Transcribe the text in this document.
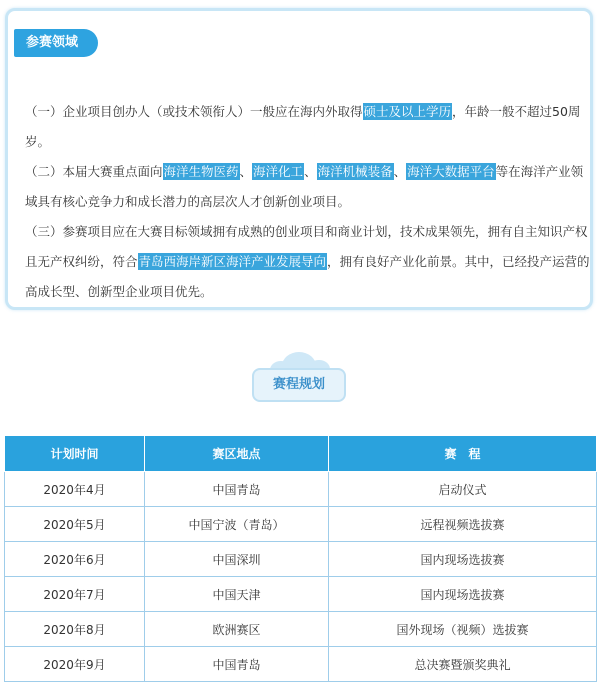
参赛领域

（一）企业项目创办人（或技术领衔人）一般应在海内外取得硕士及以上学历，年龄一般不超过50周岁。

（二）本届大赛重点面向海洋生物医药、海洋化工、海洋机械装备、海洋大数据平台等在海洋产业领域具有核心竞争力和成长潜力的高层次人才创新创业项目。

（三）参赛项目应在大赛目标领域拥有成熟的创业项目和商业计划，技术成果领先，拥有自主知识产权且无产权纠纷，符合青岛西海岸新区海洋产业发展导向，拥有良好产业化前景。其中，已经投产运营的高成长型、创新型企业项目优先。

赛程规划
计划时间	赛区地点	赛　程
2020年4月	中国青岛	启动仪式
2020年5月	中国宁波（青岛）	远程视频选拔赛
2020年6月	中国深圳	国内现场选拔赛
2020年7月	中国天津	国内现场选拔赛
2020年8月	欧洲赛区	国外现场（视频）选拔赛
2020年9月	中国青岛	总决赛暨颁奖典礼
